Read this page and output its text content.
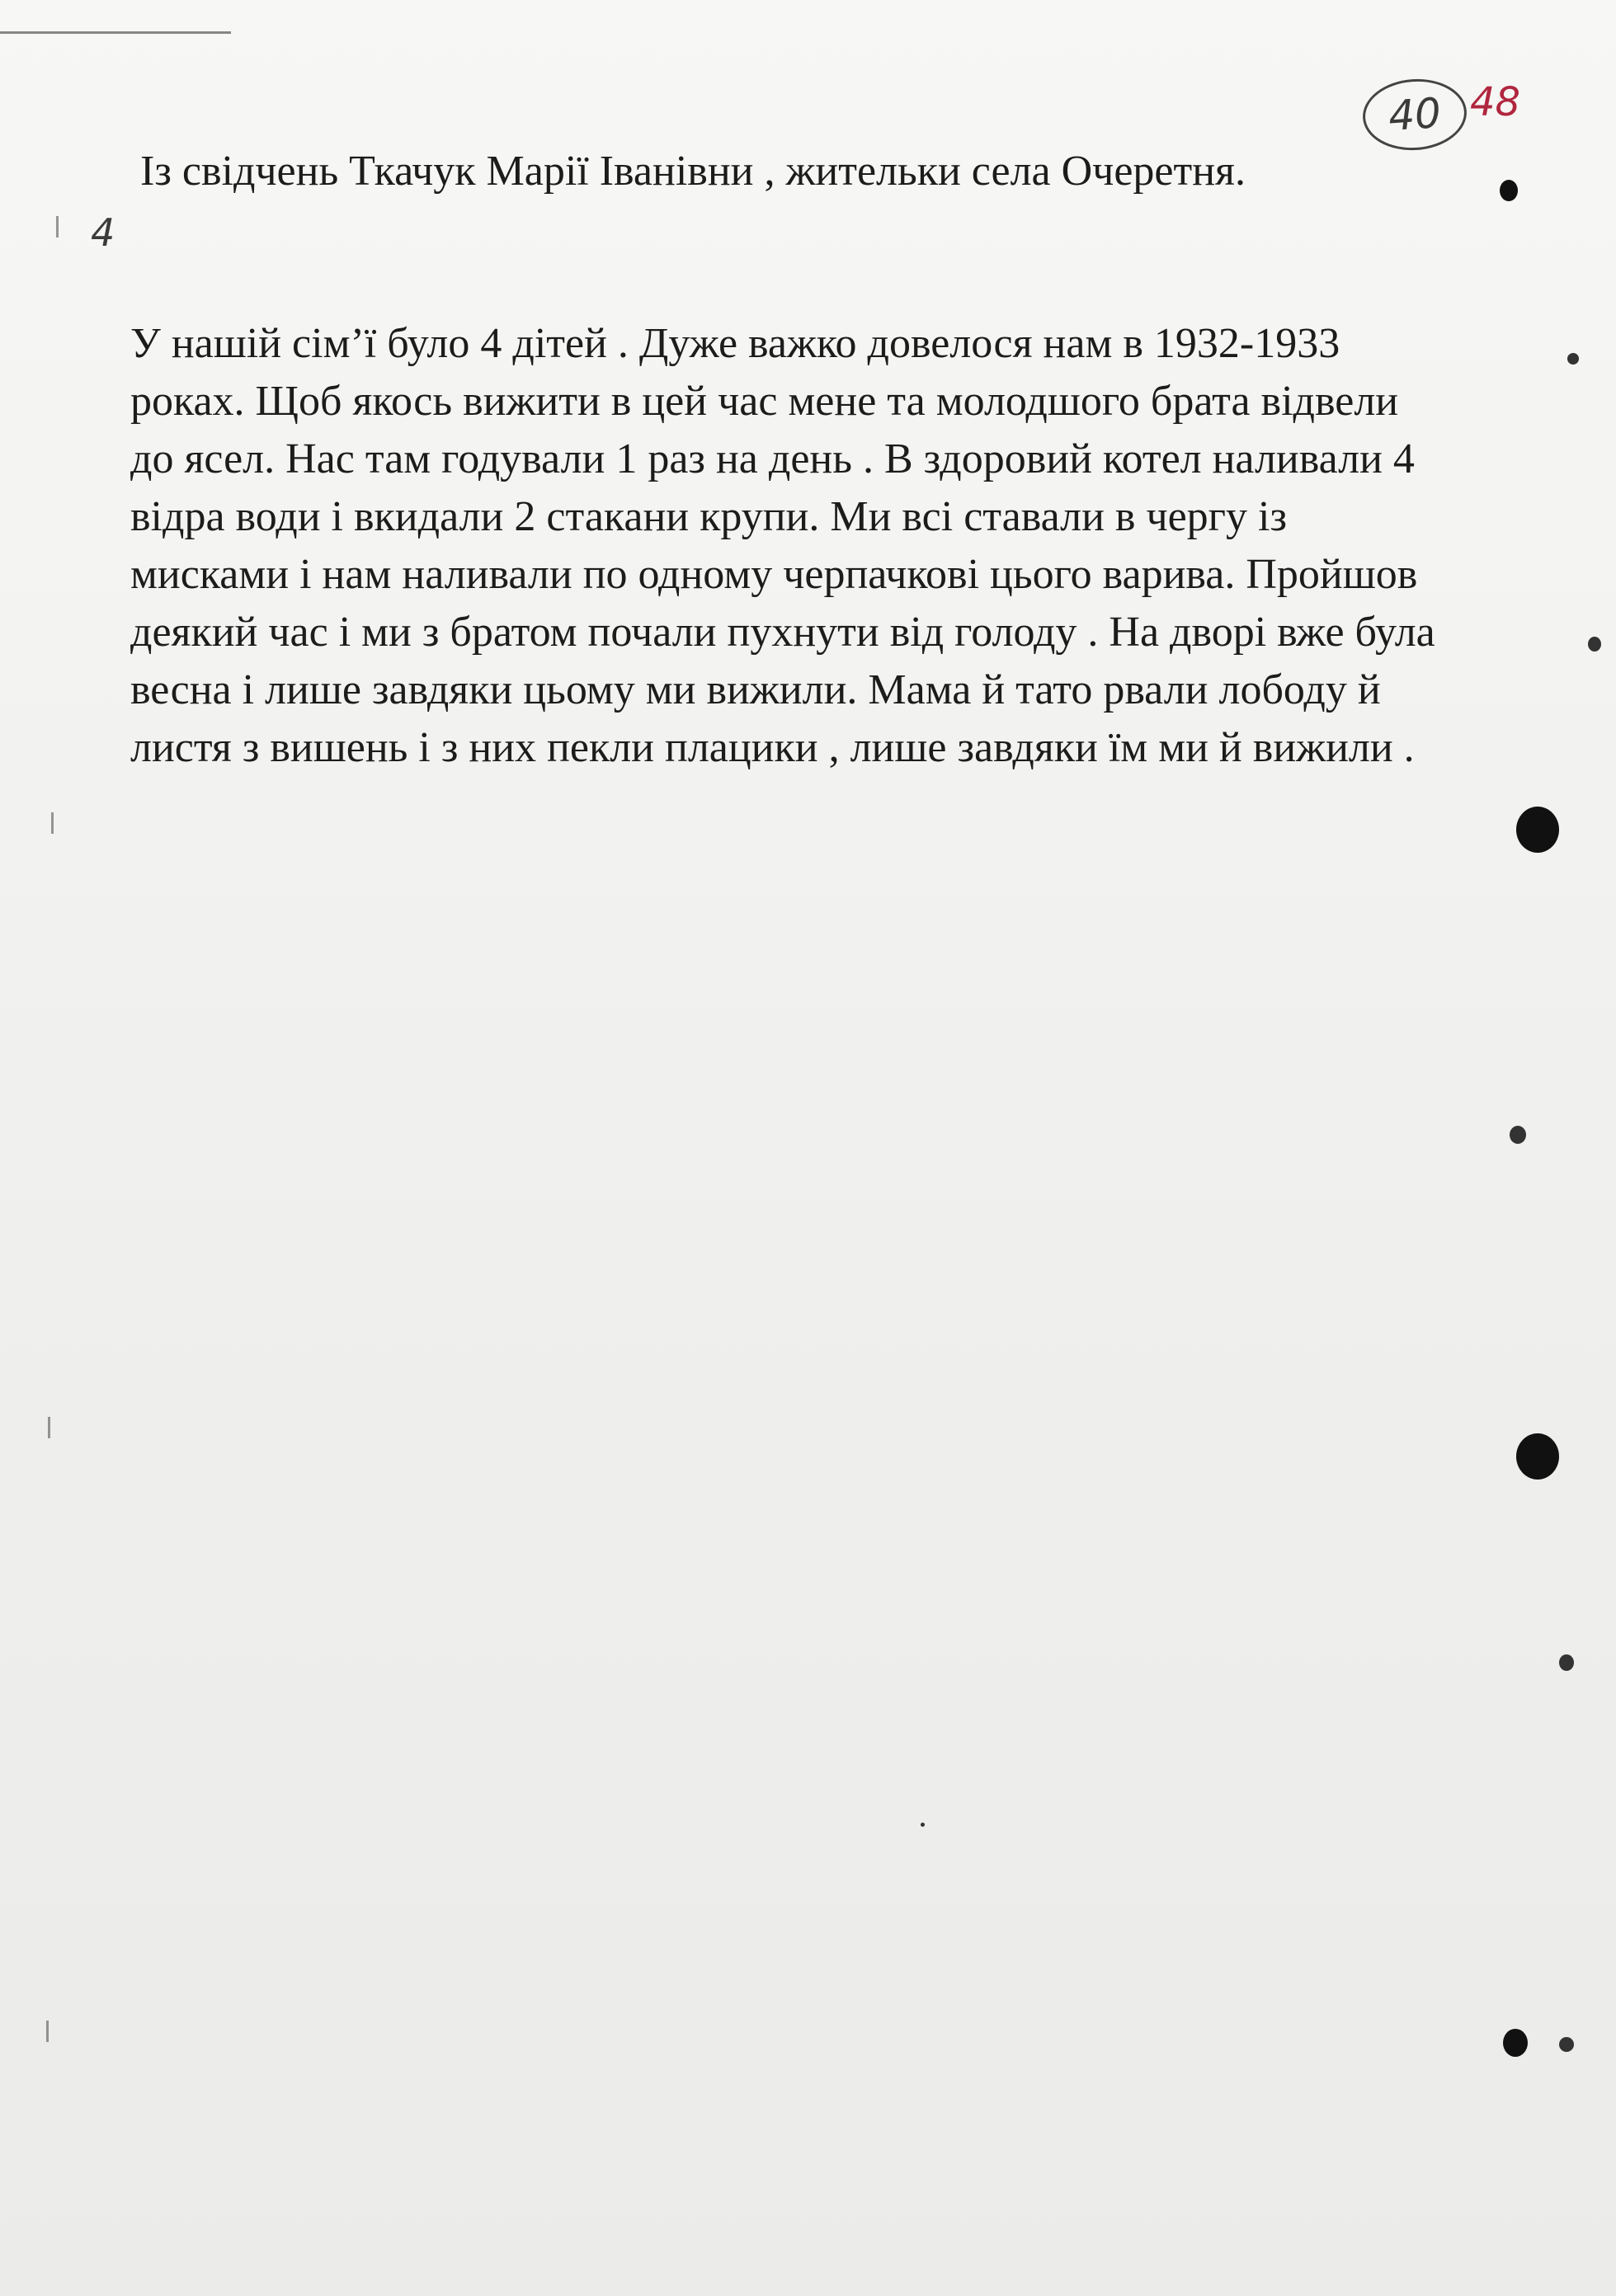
40 48
4
Із свідчень Ткачук Марії Іванівни , жительки села Очеретня.

У нашій сім’ї було 4 дітей . Дуже важко довелося нам в 1932-1933 роках. Щоб якось вижити в цей час мене та молодшого брата відвели до ясел. Нас там годували 1 раз на день . В здоровий котел наливали 4 відра води і вкидали 2 стакани крупи. Ми всі ставали в чергу із мисками і нам наливали по одному черпачкові цього варива. Пройшов деякий час і ми з братом почали пухнути від голоду . На дворі вже була весна і лише завдяки цьому ми вижили. Мама й тато рвали лободу й листя з вишень і з них пекли плацики , лише завдяки їм ми й вижили .
